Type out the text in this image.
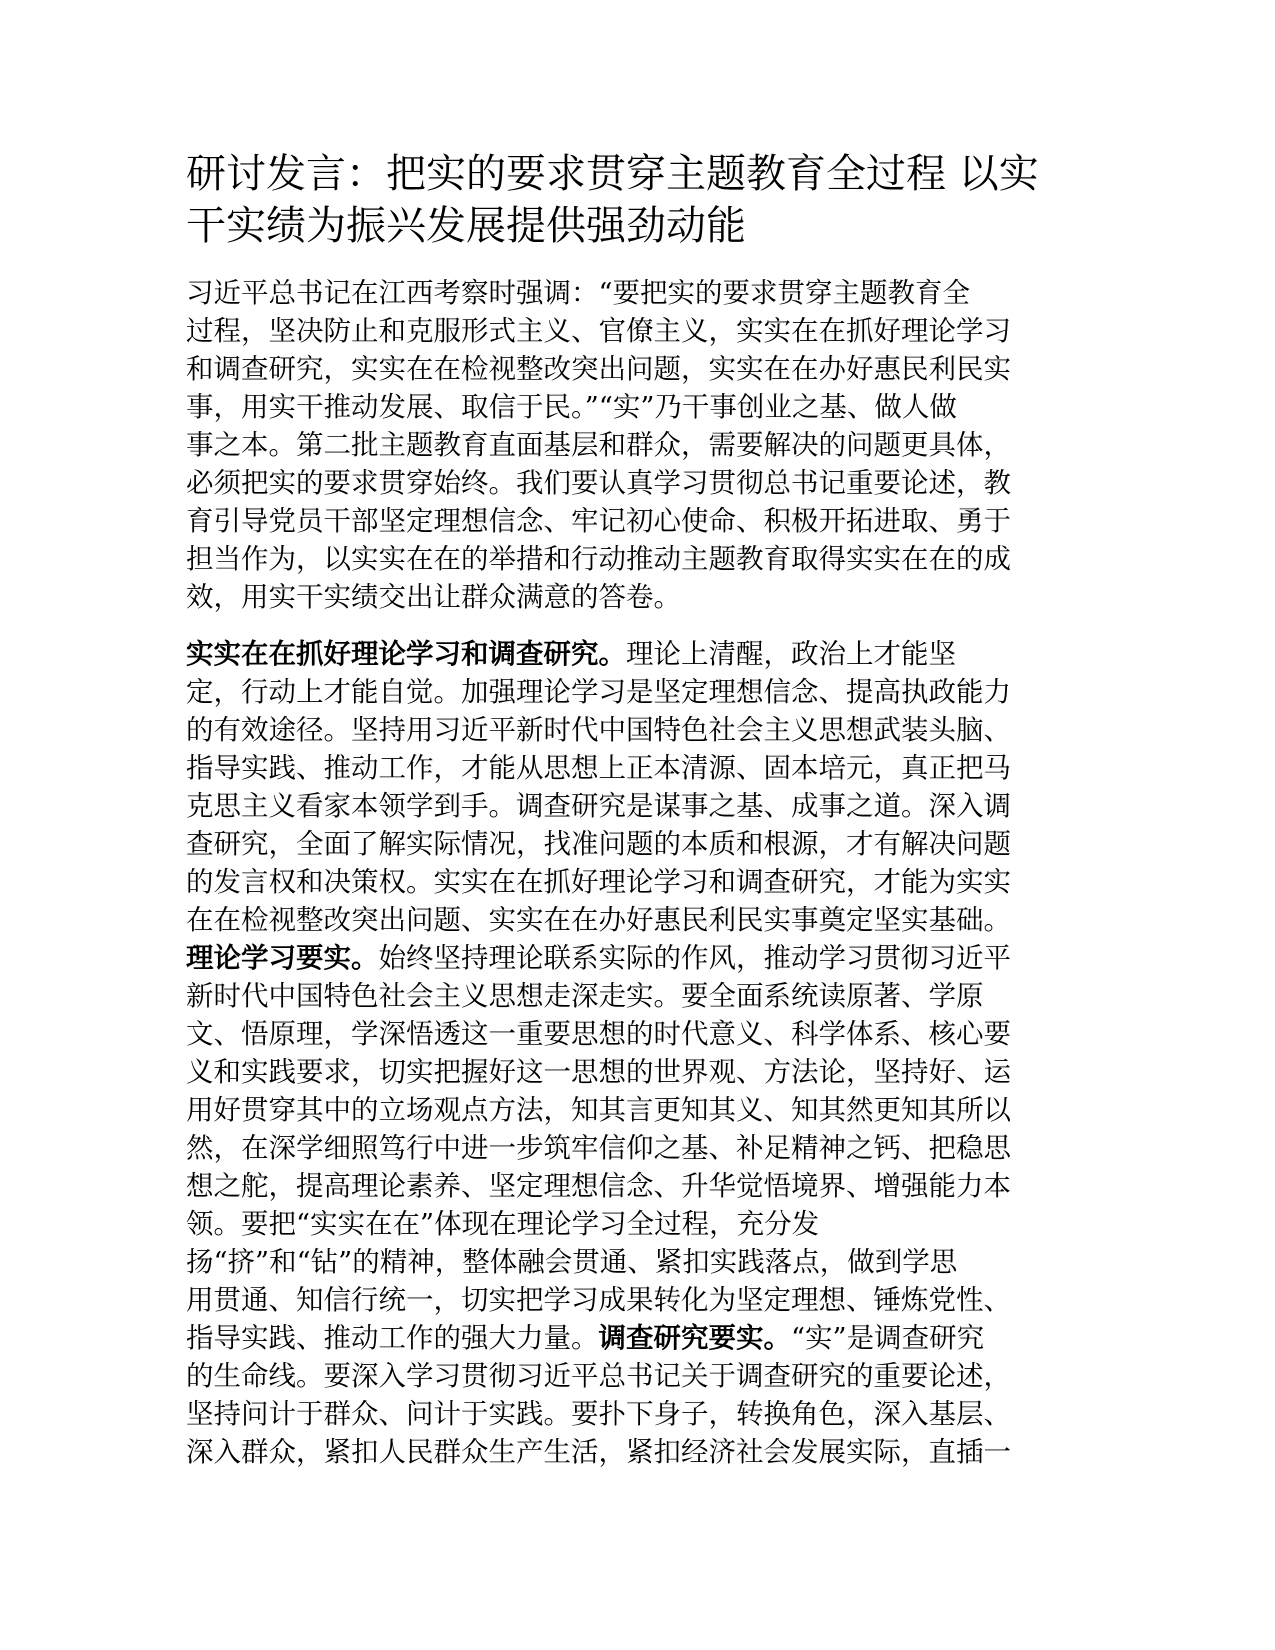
研讨发言：把实的要求贯穿主题教育全过程 以实
干实绩为振兴发展提供强劲动能

习近平总书记在江西考察时强调：“要把实的要求贯穿主题教育全
过程，坚决防止和克服形式主义、官僚主义，实实在在抓好理论学习
和调查研究，实实在在检视整改突出问题，实实在在办好惠民利民实
事，用实干推动发展、取信于民。”“实”乃干事创业之基、做人做
事之本。第二批主题教育直面基层和群众，需要解决的问题更具体，
必须把实的要求贯穿始终。我们要认真学习贯彻总书记重要论述，教
育引导党员干部坚定理想信念、牢记初心使命、积极开拓进取、勇于
担当作为，以实实在在的举措和行动推动主题教育取得实实在在的成
效，用实干实绩交出让群众满意的答卷。

实实在在抓好理论学习和调查研究。理论上清醒，政治上才能坚
定，行动上才能自觉。加强理论学习是坚定理想信念、提高执政能力
的有效途径。坚持用习近平新时代中国特色社会主义思想武装头脑、
指导实践、推动工作，才能从思想上正本清源、固本培元，真正把马
克思主义看家本领学到手。调查研究是谋事之基、成事之道。深入调
查研究，全面了解实际情况，找准问题的本质和根源，才有解决问题
的发言权和决策权。实实在在抓好理论学习和调查研究，才能为实实
在在检视整改突出问题、实实在在办好惠民利民实事奠定坚实基础。
理论学习要实。始终坚持理论联系实际的作风，推动学习贯彻习近平
新时代中国特色社会主义思想走深走实。要全面系统读原著、学原
文、悟原理，学深悟透这一重要思想的时代意义、科学体系、核心要
义和实践要求，切实把握好这一思想的世界观、方法论，坚持好、运
用好贯穿其中的立场观点方法，知其言更知其义、知其然更知其所以
然，在深学细照笃行中进一步筑牢信仰之基、补足精神之钙、把稳思
想之舵，提高理论素养、坚定理想信念、升华觉悟境界、增强能力本
领。要把“实实在在”体现在理论学习全过程，充分发
扬“挤”和“钻”的精神，整体融会贯通、紧扣实践落点，做到学思
用贯通、知信行统一，切实把学习成果转化为坚定理想、锤炼党性、
指导实践、推动工作的强大力量。调查研究要实。“实”是调查研究
的生命线。要深入学习贯彻习近平总书记关于调查研究的重要论述，
坚持问计于群众、问计于实践。要扑下身子，转换角色，深入基层、
深入群众，紧扣人民群众生产生活，紧扣经济社会发展实际，直插一
